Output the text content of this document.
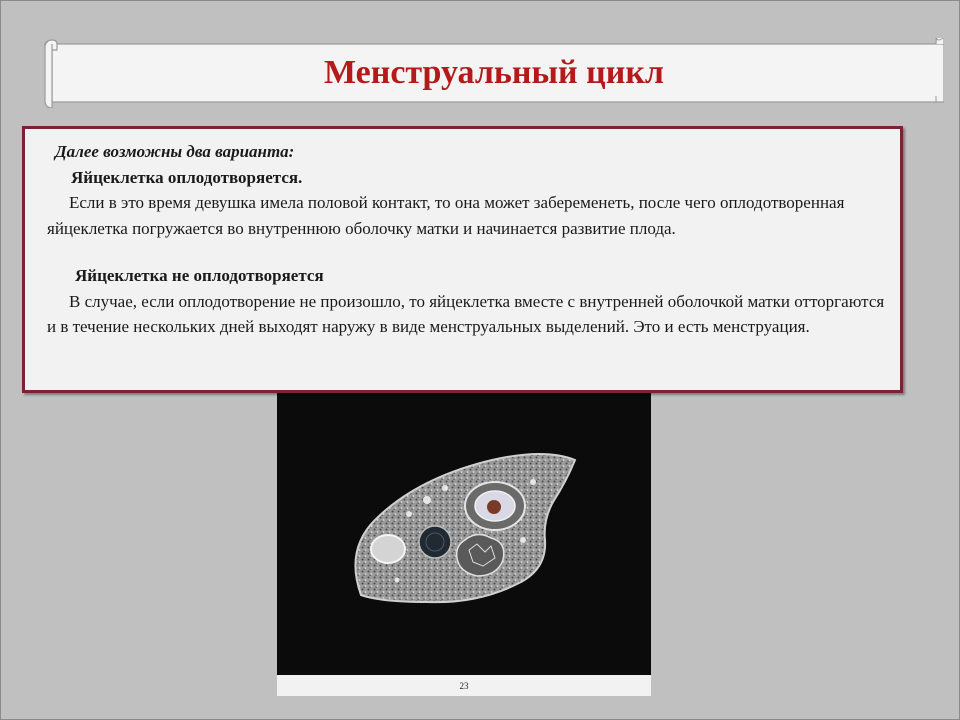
Менструальный цикл
23

Далее возможны два варианта:

Яйцеклетка оплодотворяется.

Если в это время девушка имела половой контакт, то она может забеременеть, после чего оплодотворенная яйцеклетка погружается во внутреннюю оболочку матки и начинается развитие плода.

Яйцеклетка не оплодотворяется

В случае, если оплодотворение не произошло, то яйцеклетка вместе с внутренней оболочкой матки отторгаются и в течение нескольких дней выходят наружу в виде менструальных выделений. Это и есть менструация.
